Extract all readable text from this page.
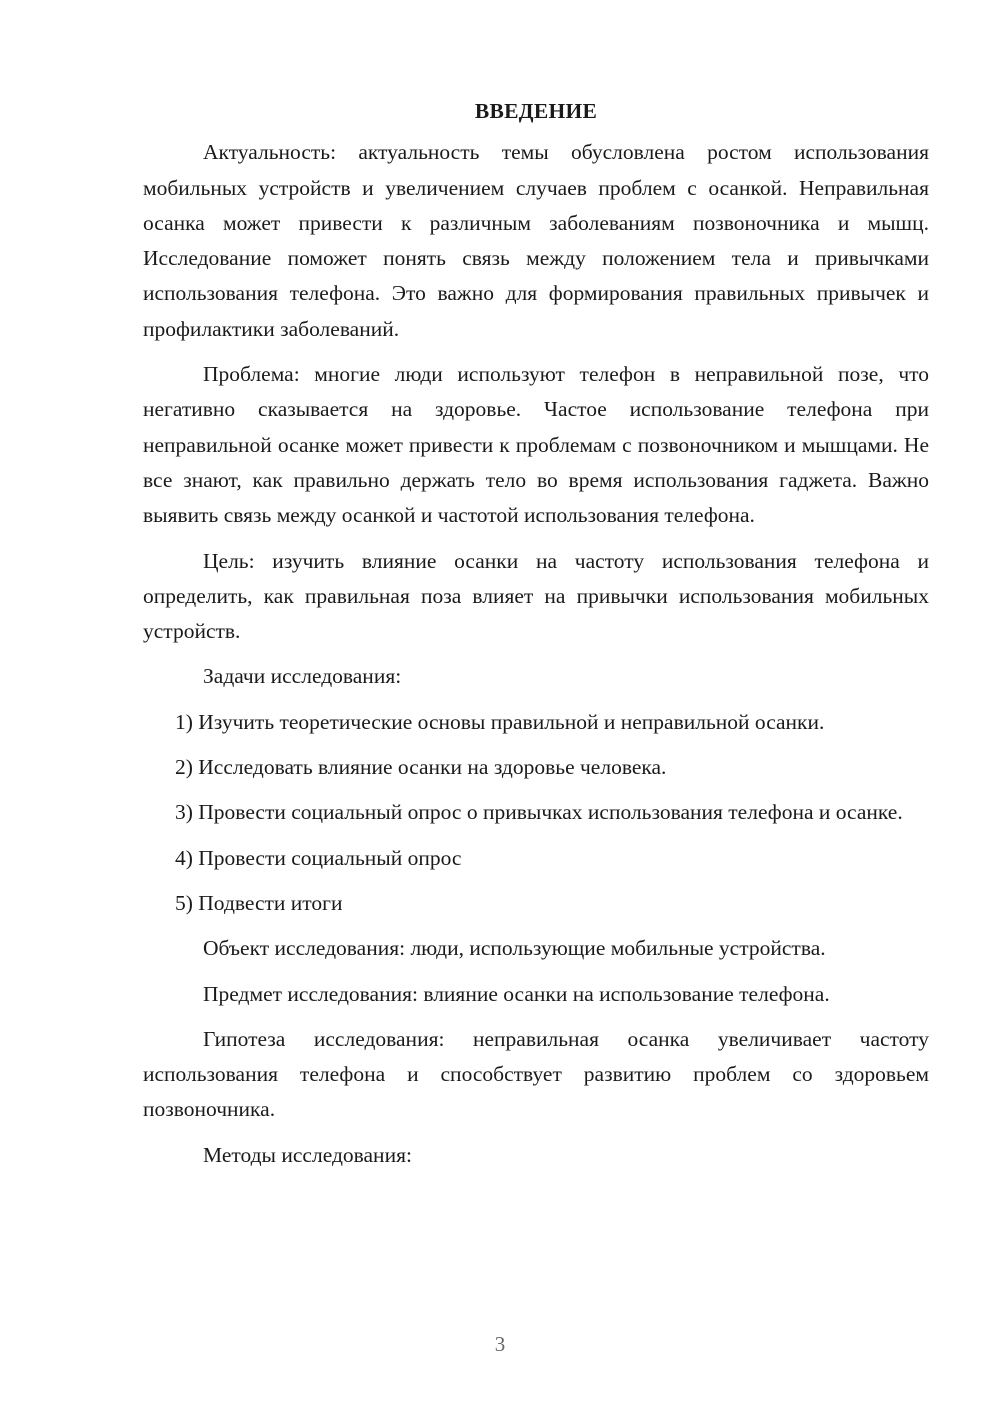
ВВЕДЕНИЕ

Актуальность: актуальность темы обусловлена ростом использования мобильных устройств и увеличением случаев проблем с осанкой. Неправильная осанка может привести к различным заболеваниям позвоночника и мышц. Исследование поможет понять связь между положением тела и привычками использования телефона. Это важно для формирования правильных привычек и профилактики заболеваний.

Проблема: многие люди используют телефон в неправильной позе, что негативно сказывается на здоровье. Частое использование телефона при неправильной осанке может привести к проблемам с позвоночником и мышцами. Не все знают, как правильно держать тело во время использования гаджета. Важно выявить связь между осанкой и частотой использования телефона.

Цель: изучить влияние осанки на частоту использования телефона и определить, как правильная поза влияет на привычки использования мобильных устройств.

Задачи исследования:

1) Изучить теоретические основы правильной и неправильной осанки.

2) Исследовать влияние осанки на здоровье человека.

3) Провести социальный опрос о привычках использования телефона и осанке.

4) Провести социальный опрос

5) Подвести итоги

Объект исследования: люди, использующие мобильные устройства.

Предмет исследования: влияние осанки на использование телефона.

Гипотеза исследования: неправильная осанка увеличивает частоту использования телефона и способствует развитию проблем со здоровьем позвоночника.

Методы исследования:

3
